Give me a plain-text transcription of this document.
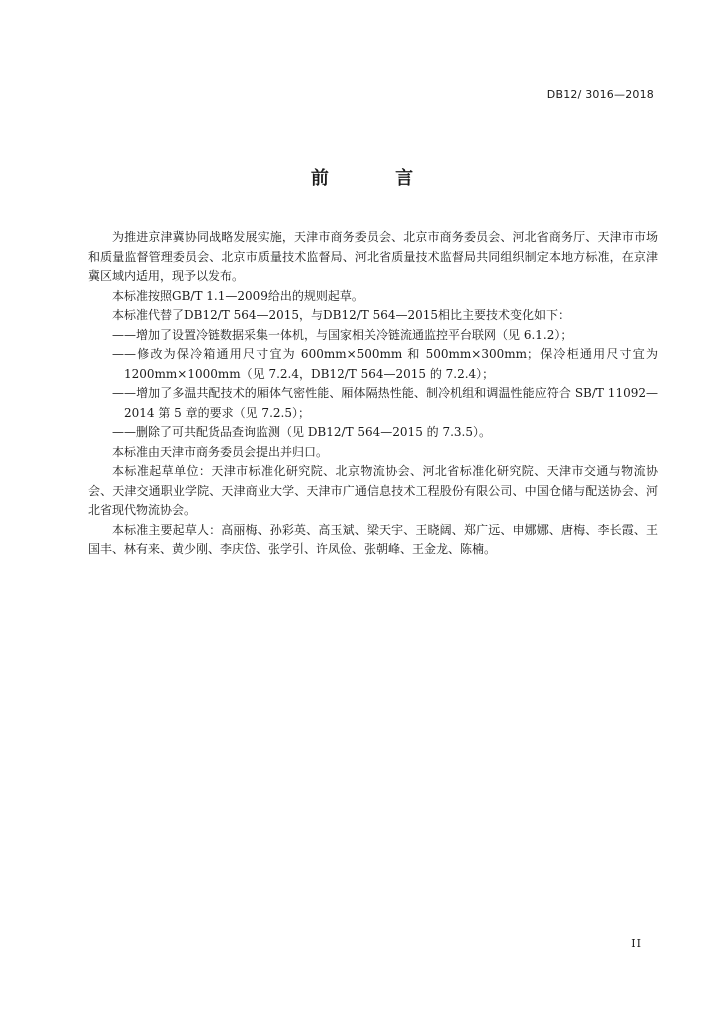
DB12/ 3016—2018
前 言

为推进京津冀协同战略发展实施，天津市商务委员会、北京市商务委员会、河北省商务厅、天津市市场和质量监督管理委员会、北京市质量技术监督局、河北省质量技术监督局共同组织制定本地方标准，在京津冀区域内适用，现予以发布。

本标准按照GB/T 1.1—2009给出的规则起草。

本标准代替了DB12/T 564—2015，与DB12/T 564—2015相比主要技术变化如下：

——增加了设置冷链数据采集一体机，与国家相关冷链流通监控平台联网（见 6.1.2）；

——修改为保冷箱通用尺寸宜为 600mm×500mm 和 500mm×300mm；保冷柜通用尺寸宜为 1200mm×1000mm（见 7.2.4，DB12/T 564—2015 的 7.2.4）；

——增加了多温共配技术的厢体气密性能、厢体隔热性能、制冷机组和调温性能应符合 SB/T 11092—2014 第 5 章的要求（见 7.2.5）；

——删除了可共配货品查询监测（见 DB12/T 564—2015 的 7.3.5）。

本标准由天津市商务委员会提出并归口。

本标准起草单位：天津市标准化研究院、北京物流协会、河北省标准化研究院、天津市交通与物流协会、天津交通职业学院、天津商业大学、天津市广通信息技术工程股份有限公司、中国仓储与配送协会、河北省现代物流协会。

本标准主要起草人：高丽梅、孙彩英、高玉斌、梁天宇、王晓阔、郑广远、申娜娜、唐梅、李长霞、王国丰、林有来、黄少刚、李庆岱、张学引、许凤俭、张朝峰、王金龙、陈楠。

II
